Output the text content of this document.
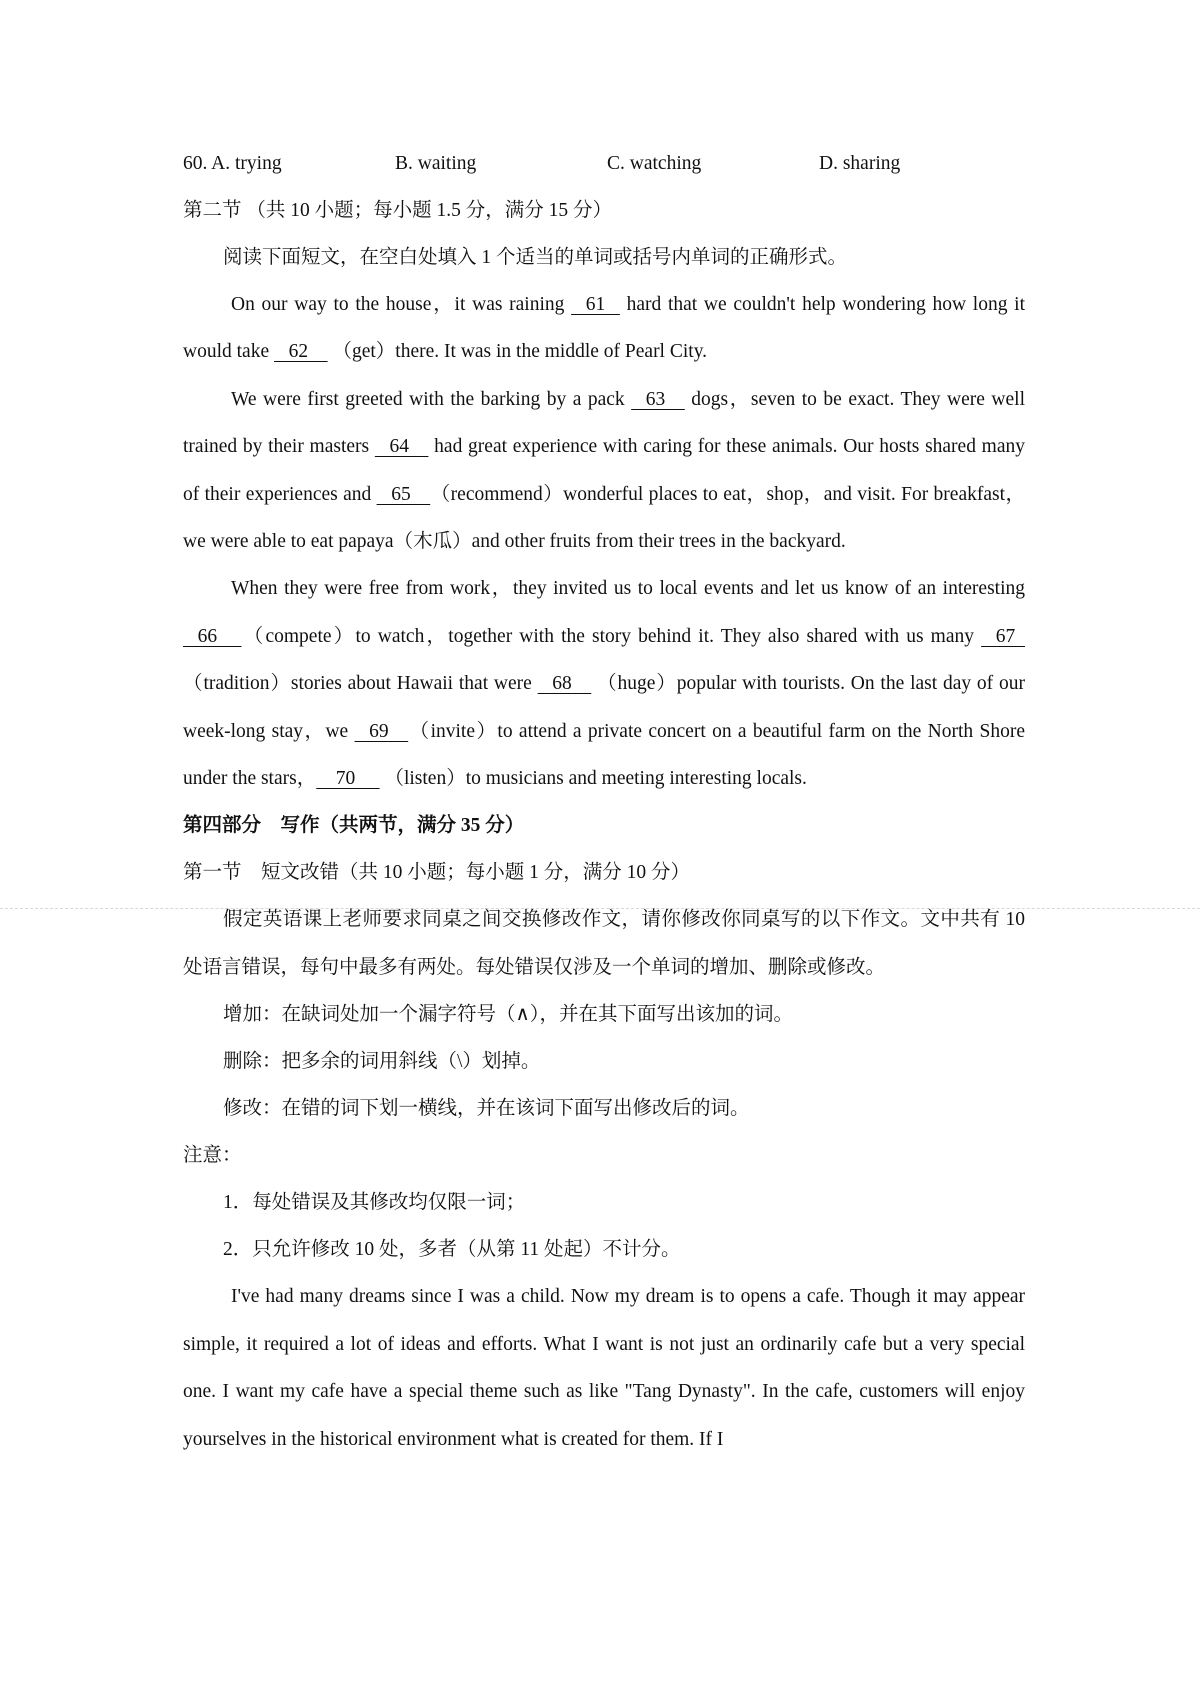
60. A. trying	B. waiting	C. watching	D. sharing
第二节 （共 10 小题；每小题 1.5 分，满分 15 分）
阅读下面短文，在空白处填入 1 个适当的单词或括号内单词的正确形式。
On our way to the house，it was raining    61    hard that we couldn't help wondering how long it would take    62     （get）there. It was in the middle of Pearl City.
We were first greeted with the barking by a pack    63     dogs，seven to be exact. They were well trained by their masters    64     had great experience with caring for these animals. Our hosts shared many of their experiences and    65    （recommend）wonderful places to eat，shop，and visit. For breakfast，we were able to eat papaya（木瓜）and other fruits from their trees in the backyard.
When they were free from work，they invited us to local events and let us know of an interesting    66     （compete）to watch，together with the story behind it. They also shared with us many    67  （tradition）stories about Hawaii that were    68     （huge）popular with tourists. On the last day of our week-long stay，we    69    （invite）to attend a private concert on a beautiful farm on the North Shore under the stars，    70      （listen）to musicians and meeting interesting locals.
第四部分　写作（共两节，满分 35 分）
第一节　短文改错（共 10 小题；每小题 1 分，满分 10 分）
假定英语课上老师要求同桌之间交换修改作文，请你修改你同桌写的以下作文。文中共有 10 处语言错误，每句中最多有两处。每处错误仅涉及一个单词的增加、删除或修改。
增加：在缺词处加一个漏字符号（∧），并在其下面写出该加的词。
删除：把多余的词用斜线（\）划掉。
修改：在错的词下划一横线，并在该词下面写出修改后的词。
注意：
1．每处错误及其修改均仅限一词；
2．只允许修改 10 处，多者（从第 11 处起）不计分。
I've had many dreams since I was a child. Now my dream is to opens a cafe. Though it may appear simple, it required a lot of ideas and efforts. What I want is not just an ordinarily cafe but a very special one. I want my cafe have a special theme such as like "Tang Dynasty". In the cafe, customers will enjoy yourselves in the historical environment what is created for them. If I
